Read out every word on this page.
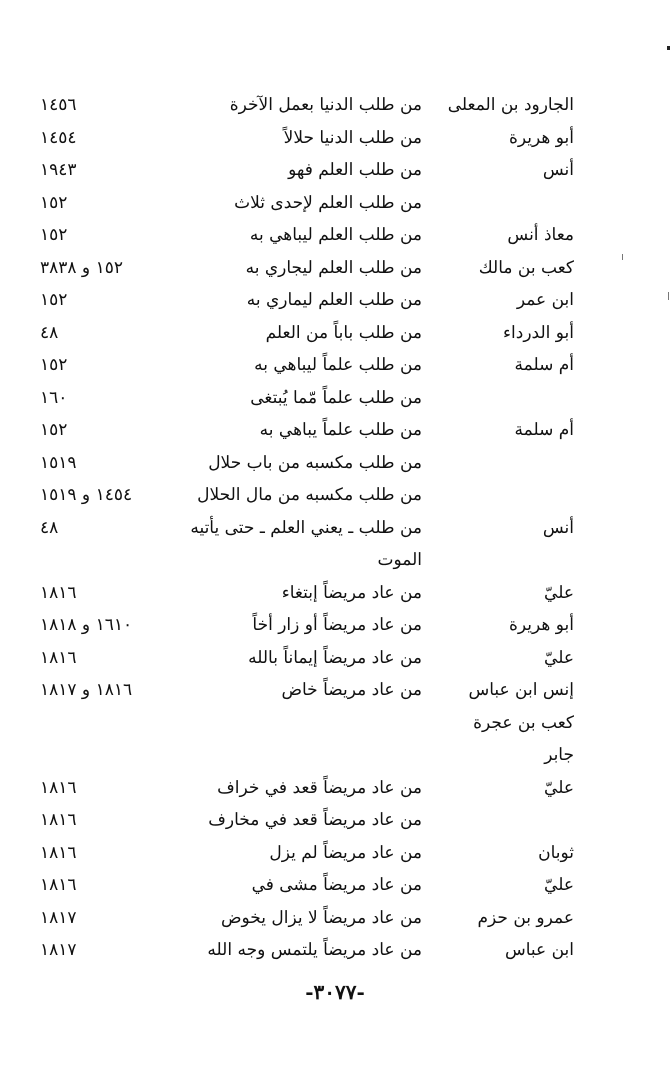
الجارود بن المعلى
من طلب الدنيا بعمل الآخرة
١٤٥٦
أبو هريرة
من طلب الدنيا حلالاً
١٤٥٤
أنس
من طلب العلم فهو
١٩٤٣
من طلب العلم لإحدى ثلاث
١٥٢
معاذ أنس
من طلب العلم ليباهي به
١٥٢
كعب بن مالك
من طلب العلم ليجاري به
١٥٢ و ٣٨٣٨
ابن عمر
من طلب العلم ليماري به
١٥٢
أبو الدرداء
من طلب باباً من العلم
٤٨
أم سلمة
من طلب علماً ليباهي به
١٥٢
من طلب علماً مّما يُبتغى
١٦٠
أم سلمة
من طلب علماً يباهي به
١٥٢
من طلب مكسبه من باب حلال
١٥١٩
من طلب مكسبه من مال الحلال
١٤٥٤ و ١٥١٩
أنس
من طلب ـ يعني العلم ـ حتى يأتيه
٤٨
الموت
عليّ
من عاد مريضاً إبتغاء
١٨١٦
أبو هريرة
من عاد مريضاً أو زار أخاً
١٦١٠ و ١٨١٨
عليّ
من عاد مريضاً إيماناً بالله
١٨١٦
إنس ابن عباس
من عاد مريضاً خاض
١٨١٦ و ١٨١٧
كعب بن عجرة
جابر
عليّ
من عاد مريضاً قعد في خراف
١٨١٦
من عاد مريضاً قعد في مخارف
١٨١٦
ثوبان
من عاد مريضاً لم يزل
١٨١٦
عليّ
من عاد مريضاً مشى في
١٨١٦
عمرو بن حزم
من عاد مريضاً لا يزال يخوض
١٨١٧
ابن عباس
من عاد مريضاً يلتمس وجه الله
١٨١٧
-٣٠٧٧-
